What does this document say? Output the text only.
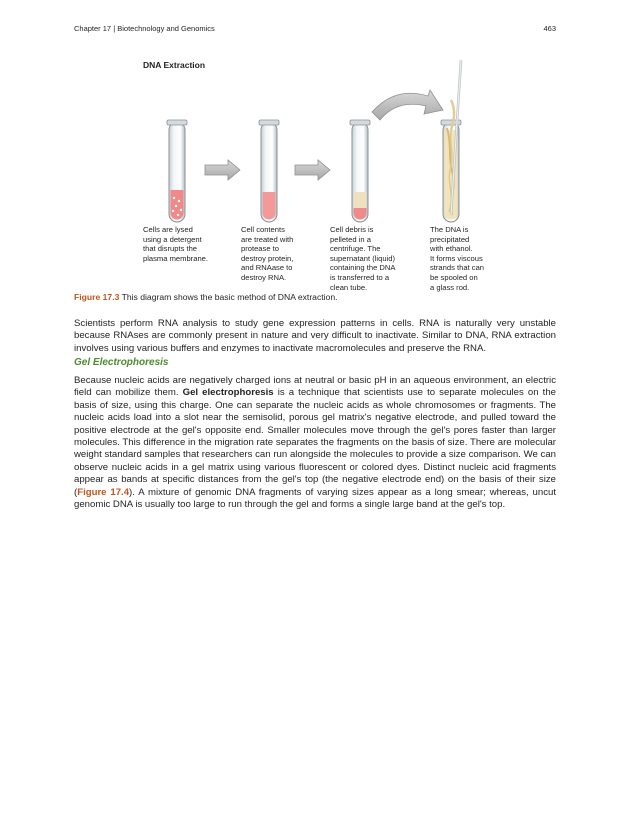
Chapter 17 | Biotechnology and Genomics	463
DNA Extraction
Cells are lysed
using a detergent
that disrupts the
plasma membrane.
Cell contents
are treated with
protease to
destroy protein,
and RNAase to
destroy RNA.
Cell debris is
pelleted in a
centrifuge. The
supernatant (liquid)
containing the DNA
is transferred to a
clean tube.
The DNA is
precipitated
with ethanol.
It forms viscous
strands that can
be spooled on
a glass rod.
Figure 17.3 This diagram shows the basic method of DNA extraction.
Scientists perform RNA analysis to study gene expression patterns in cells. RNA is naturally very unstable because RNAses are commonly present in nature and very difficult to inactivate. Similar to DNA, RNA extraction involves using various buffers and enzymes to inactivate macromolecules and preserve the RNA.
Gel Electrophoresis
Because nucleic acids are negatively charged ions at neutral or basic pH in an aqueous environment, an electric field can mobilize them. Gel electrophoresis is a technique that scientists use to separate molecules on the basis of size, using this charge. One can separate the nucleic acids as whole chromosomes or fragments. The nucleic acids load into a slot near the semisolid, porous gel matrix's negative electrode, and pulled toward the positive electrode at the gel's opposite end. Smaller molecules move through the gel's pores faster than larger molecules. This difference in the migration rate separates the fragments on the basis of size. There are molecular weight standard samples that researchers can run alongside the molecules to provide a size comparison. We can observe nucleic acids in a gel matrix using various fluorescent or colored dyes. Distinct nucleic acid fragments appear as bands at specific distances from the gel's top (the negative electrode end) on the basis of their size (Figure 17.4). A mixture of genomic DNA fragments of varying sizes appear as a long smear; whereas, uncut genomic DNA is usually too large to run through the gel and forms a single large band at the gel's top.
